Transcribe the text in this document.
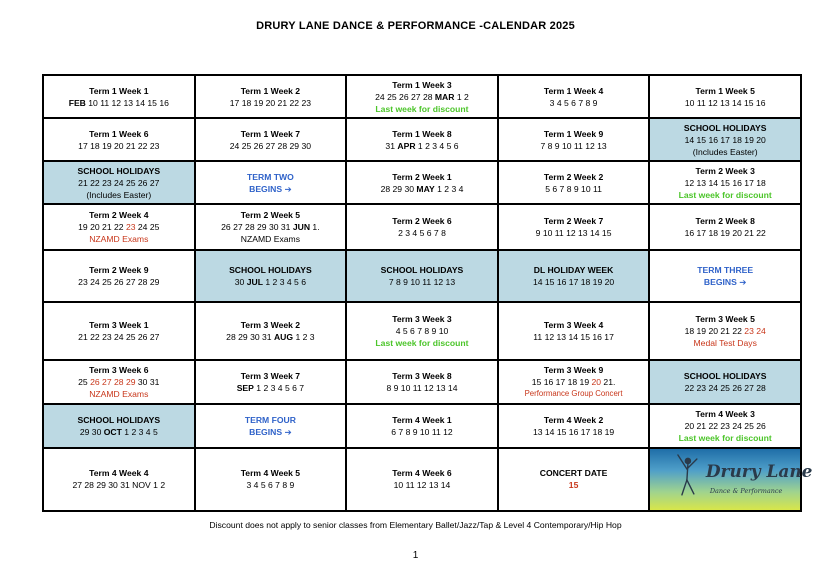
DRURY LANE DANCE & PERFORMANCE -CALENDAR 2025
Term 1 Week 1
FEB 10 11 12 13 14 15 16	Term 1 Week 2
17 18 19 20 21 22 23	Term 1 Week 3
24 25 26 27 28 MAR 1 2
Last week for discount	Term 1 Week 4
3 4 5 6 7 8 9	Term 1 Week 5
10 11 12 13 14 15 16

Term 1 Week 6
17 18 19 20 21 22 23	Term 1 Week 7
24 25 26 27 28 29 30	Term 1 Week 8
31 APR 1 2 3 4 5 6	Term 1 Week 9
7 8 9 10 11 12 13	SCHOOL HOLIDAYS
14 15 16 17 18 19 20
(Includes Easter)

SCHOOL HOLIDAYS
21 22 23 24 25 26 27
(Includes Easter)	TERM TWO
BEGINS ➔	Term 2 Week 1
28 29 30 MAY 1 2 3 4	Term 2 Week 2
5 6 7 8 9 10 11	Term 2 Week 3
12 13 14 15 16 17 18
Last week for discount

Term 2 Week 4
19 20 21 22 23 24 25
NZAMD Exams	Term 2 Week 5
26 27 28 29 30 31 JUN 1.
NZAMD Exams	Term 2 Week 6
2 3 4 5 6 7 8	Term 2 Week 7
9 10 11 12 13 14 15	Term 2 Week 8
16 17 18 19 20 21 22

Term 2 Week 9
23 24 25 26 27 28 29	SCHOOL HOLIDAYS
30 JUL 1 2 3 4 5 6	SCHOOL HOLIDAYS
7 8 9 10 11 12 13	DL HOLIDAY WEEK
14 15 16 17 18 19 20	TERM THREE
BEGINS ➔

Term 3 Week 1
21 22 23 24 25 26 27	Term 3 Week 2
28 29 30 31 AUG 1 2 3	Term 3 Week 3
4 5 6 7 8 9 10
Last week for discount	Term 3 Week 4
11 12 13 14 15 16 17	Term 3 Week 5
18 19 20 21 22 23 24
Medal Test Days

Term 3 Week 6
25 26 27 28 29 30 31
NZAMD Exams	Term 3 Week 7
SEP 1 2 3 4 5 6 7	Term 3 Week 8
8 9 10 11 12 13 14	Term 3 Week 9
15 16 17 18 19 20 21.
Performance Group Concert	SCHOOL HOLIDAYS
22 23 24 25 26 27 28

SCHOOL HOLIDAYS
29 30 OCT 1 2 3 4 5	TERM FOUR
BEGINS ➔	Term 4 Week 1
6 7 8 9 10 11 12	Term 4 Week 2
13 14 15 16 17 18 19	Term 4 Week 3
20 21 22 23 24 25 26
Last week for discount

Term 4 Week 4
27 28 29 30 31 NOV 1 2	Term 4 Week 5
3 4 5 6 7 8 9	Term 4 Week 6
10 11 12 13 14	CONCERT DATE
15	Drury Lane
Dance & Performance
Discount does not apply to senior classes from Elementary Ballet/Jazz/Tap & Level 4 Contemporary/Hip Hop
1
